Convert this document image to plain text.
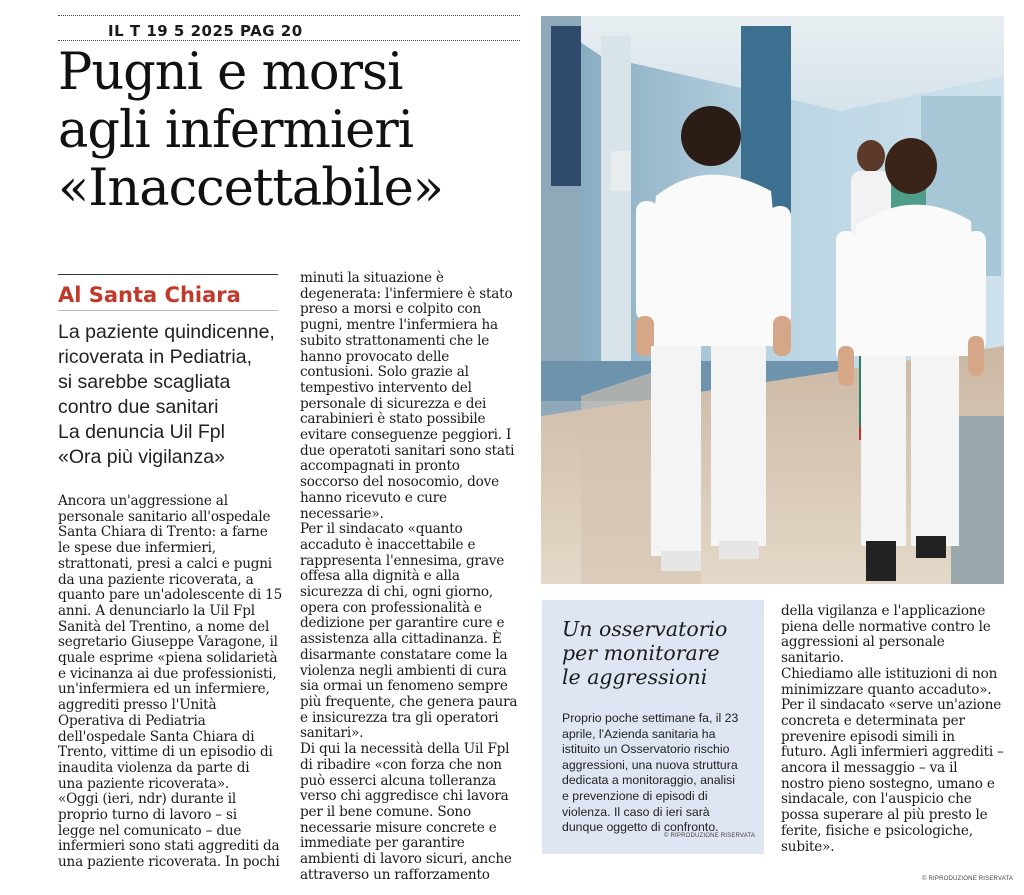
IL T 19 5 2025 PAG 20
Pugni e morsi
agli infermieri
«Inaccettabile»
Al Santa Chiara
La paziente quindicenne,
ricoverata in Pediatria,
si sarebbe scagliata
contro due sanitari
La denuncia Uil Fpl
«Ora più vigilanza»
Ancora un'aggressione al
personale sanitario all'ospedale
Santa Chiara di Trento: a farne
le spese due infermieri,
strattonati, presi a calci e pugni
da una paziente ricoverata, a
quanto pare un'adolescente di 15
anni. A denunciarlo la Uil Fpl
Sanità del Trentino, a nome del
segretario Giuseppe Varagone, il
quale esprime «piena solidarietà
e vicinanza ai due professionisti,
un'infermiera ed un infermiere,
aggrediti presso l'Unità
Operativa di Pediatria
dell'ospedale Santa Chiara di
Trento, vittime di un episodio di
inaudita violenza da parte di
una paziente ricoverata».
«Oggi (ieri, ndr) durante il
proprio turno di lavoro – si
legge nel comunicato – due
infermieri sono stati aggrediti da
una paziente ricoverata. In pochi
minuti la situazione è
degenerata: l'infermiere è stato
preso a morsi e colpito con
pugni, mentre l'infermiera ha
subito strattonamenti che le
hanno provocato delle
contusioni. Solo grazie al
tempestivo intervento del
personale di sicurezza e dei
carabinieri è stato possibile
evitare conseguenze peggiori. I
due operatoti sanitari sono stati
accompagnati in pronto
soccorso del nosocomio, dove
hanno ricevuto e cure
necessarie».
Per il sindacato «quanto
accaduto è inaccettabile e
rappresenta l'ennesima, grave
offesa alla dignità e alla
sicurezza di chi, ogni giorno,
opera con professionalità e
dedizione per garantire cure e
assistenza alla cittadinanza. È
disarmante constatare come la
violenza negli ambienti di cura
sia ormai un fenomeno sempre
più frequente, che genera paura
e insicurezza tra gli operatori
sanitari».
Di qui la necessità della Uil Fpl
di ribadire «con forza che non
può esserci alcuna tolleranza
verso chi aggredisce chi lavora
per il bene comune. Sono
necessarie misure concrete e
immediate per garantire
ambienti di lavoro sicuri, anche
attraverso un rafforzamento
della vigilanza e l'applicazione
piena delle normative contro le
aggressioni al personale
sanitario.
Chiediamo alle istituzioni di non
minimizzare quanto accaduto».
Per il sindacato «serve un'azione
concreta e determinata per
prevenire episodi simili in
futuro. Agli infermieri aggrediti –
ancora il messaggio – va il
nostro pieno sostegno, umano e
sindacale, con l'auspicio che
possa superare al più presto le
ferite, fisiche e psicologiche,
subite».
Un osservatorio
per monitorare
le aggressioni
Proprio poche settimane fa, il 23
aprile, l'Azienda sanitaria ha
istituito un Osservatorio rischio
aggressioni, una nuova struttura
dedicata a monitoraggio, analisi
e prevenzione di episodi di
violenza. Il caso di ieri sarà
dunque oggetto di confronto.
© RIPRODUZIONE RISERVATA
© RIPRODUZIONE RISERVATA
